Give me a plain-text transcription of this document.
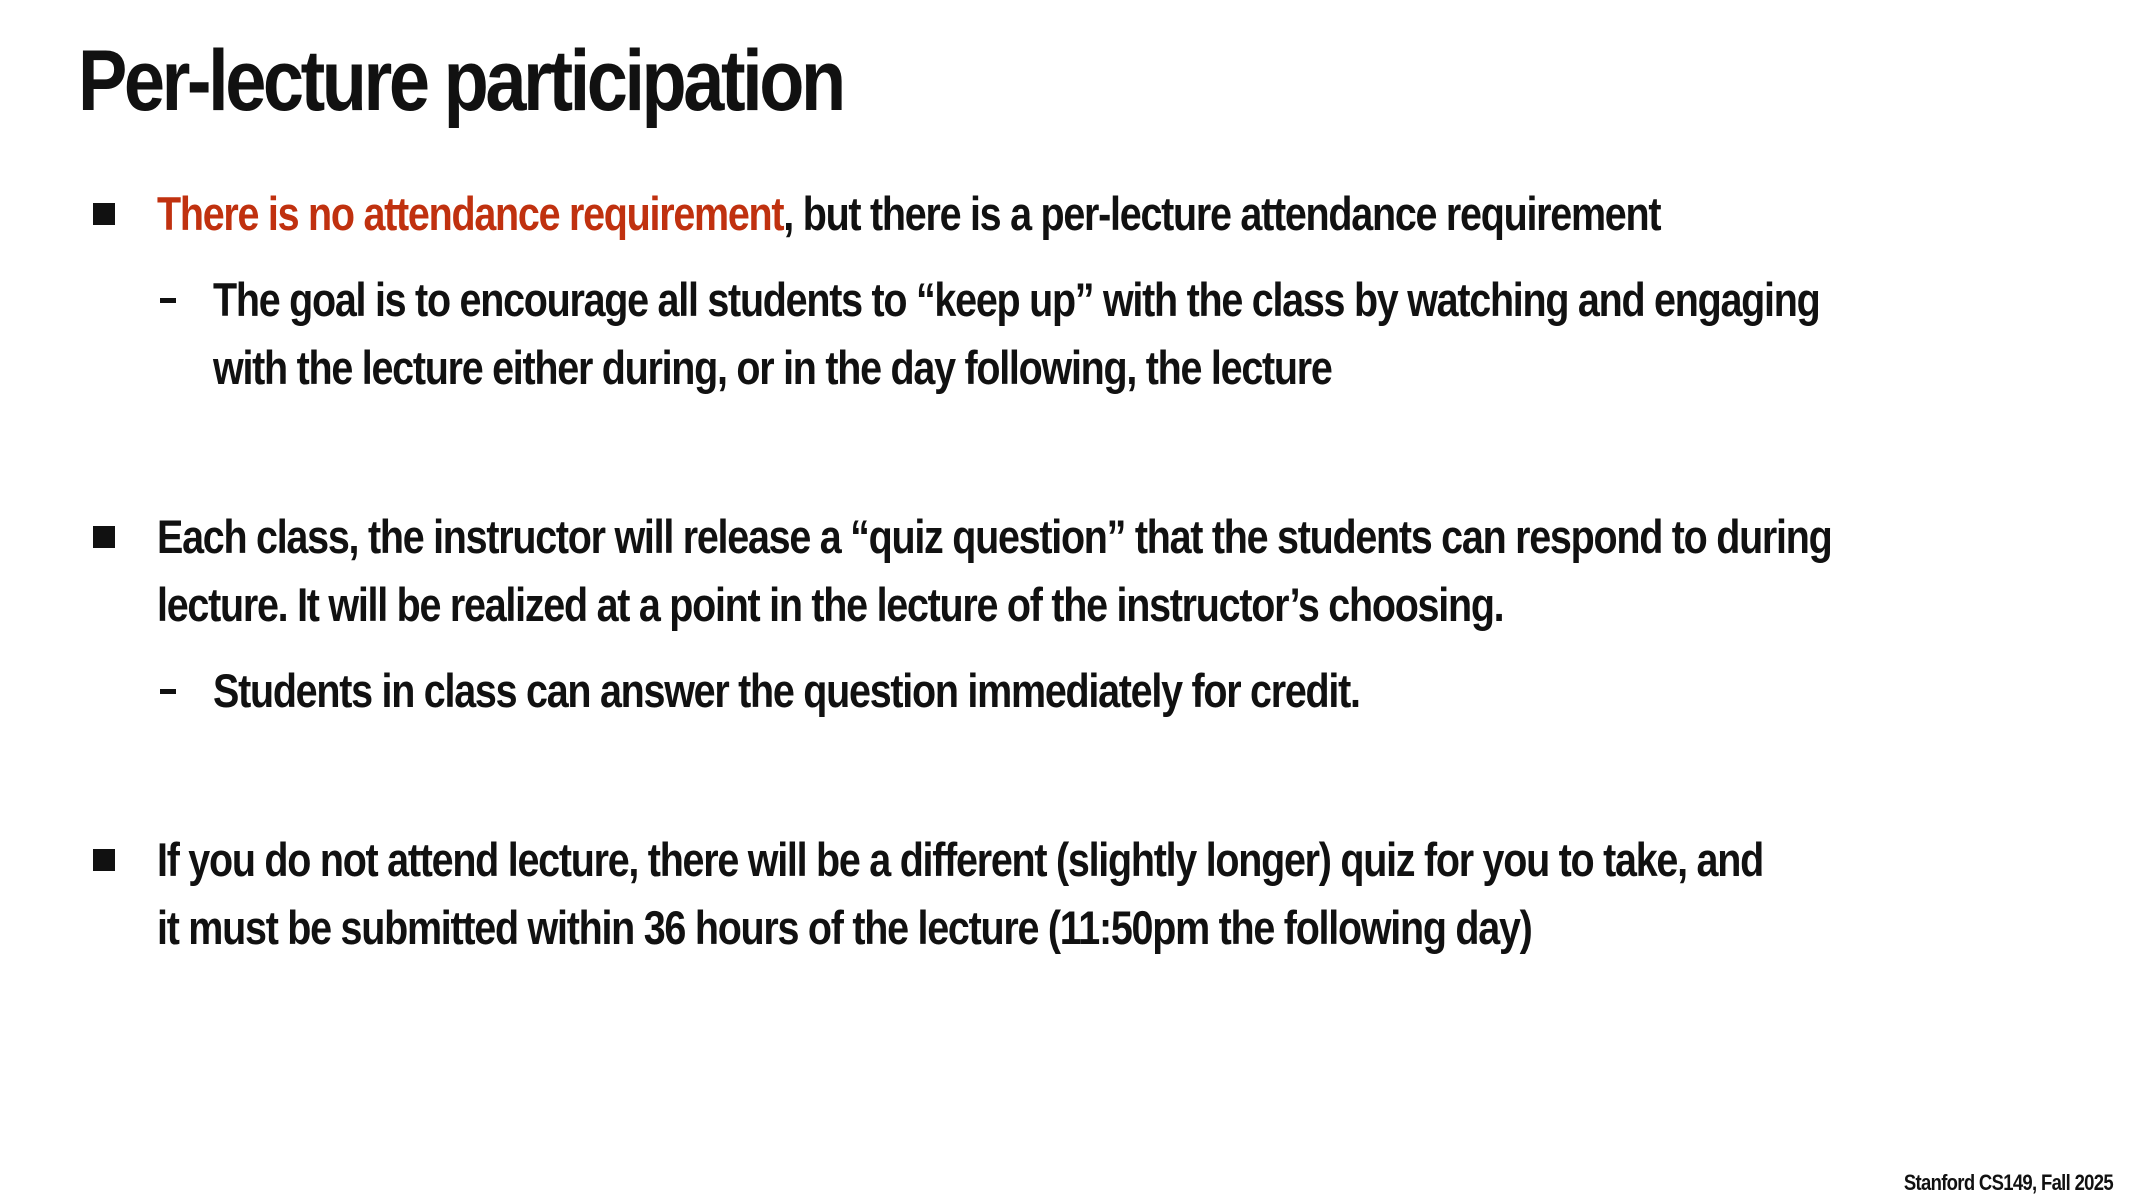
Per-lecture participation

There is no attendance requirement, but there is a per-lecture attendance requirement

The goal is to encourage all students to “keep up” with the class by watching and engaging

with the lecture either during, or in the day following, the lecture

Each class, the instructor will release a “quiz question” that the students can respond to during

lecture. It will be realized at a point in the lecture of the instructor’s choosing.

Students in class can answer the question immediately for credit.

If you do not attend lecture, there will be a different (slightly longer) quiz for you to take, and

it must be submitted within 36 hours of the lecture (11:50pm the following day)

Stanford CS149, Fall 2025
